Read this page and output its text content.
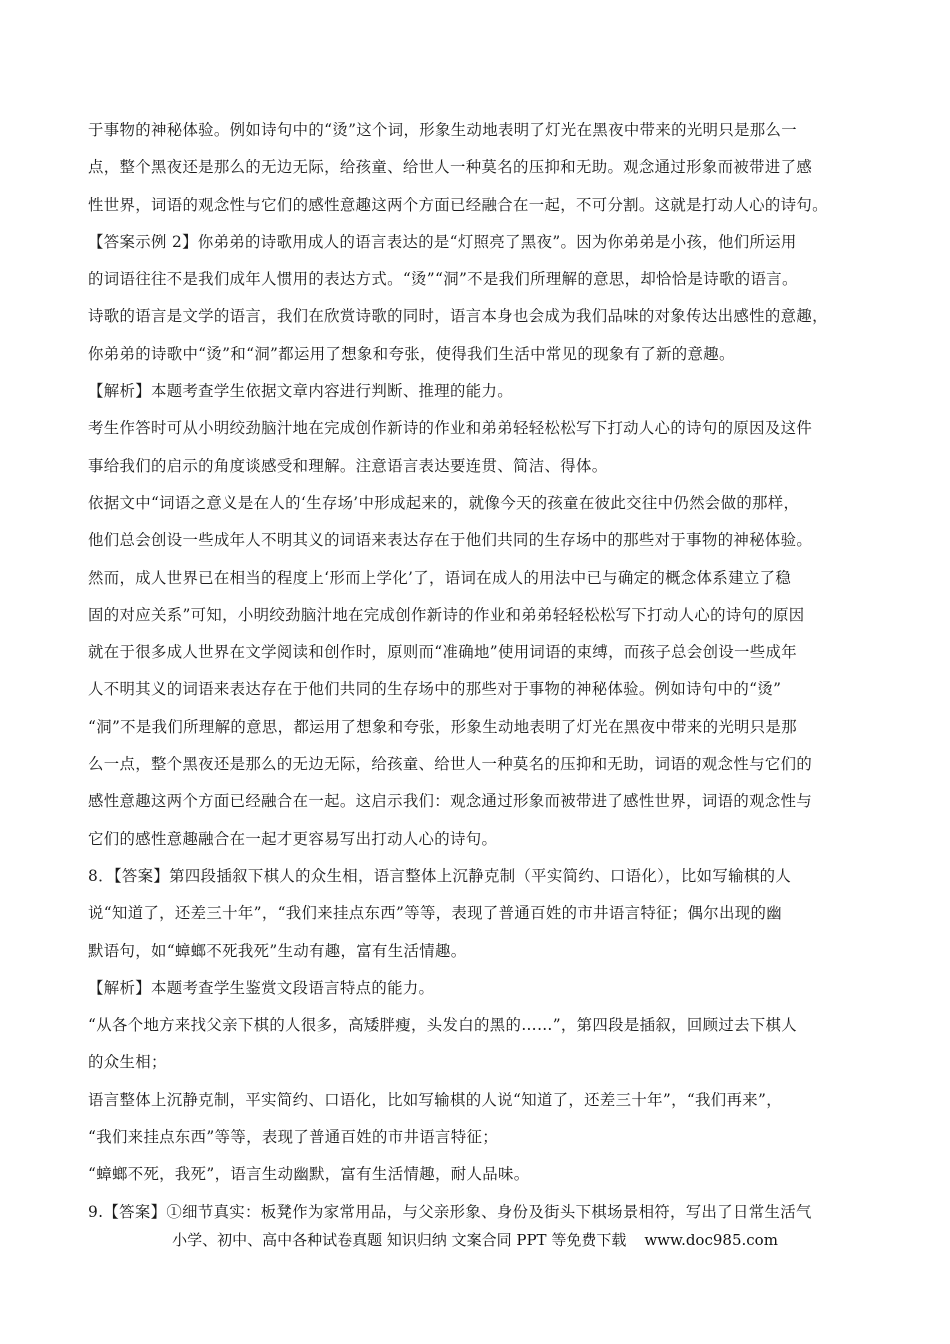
于事物的神秘体验。例如诗句中的“烫”这个词，形象生动地表明了灯光在黑夜中带来的光明只是那么一
点，整个黑夜还是那么的无边无际，给孩童、给世人一种莫名的压抑和无助。观念通过形象而被带进了感
性世界，词语的观念性与它们的感性意趣这两个方面已经融合在一起，不可分割。这就是打动人心的诗句。
【答案示例 2】你弟弟的诗歌用成人的语言表达的是“灯照亮了黑夜”。因为你弟弟是小孩，他们所运用
的词语往往不是我们成年人惯用的表达方式。“烫”“洞”不是我们所理解的意思，却恰恰是诗歌的语言。
诗歌的语言是文学的语言，我们在欣赏诗歌的同时，语言本身也会成为我们品味的对象传达出感性的意趣，
你弟弟的诗歌中“烫”和“洞”都运用了想象和夸张，使得我们生活中常见的现象有了新的意趣。
【解析】本题考查学生依据文章内容进行判断、推理的能力。
考生作答时可从小明绞劲脑汁地在完成创作新诗的作业和弟弟轻轻松松写下打动人心的诗句的原因及这件
事给我们的启示的角度谈感受和理解。注意语言表达要连贯、简洁、得体。
依据文中“词语之意义是在人的‘生存场’中形成起来的，就像今天的孩童在彼此交往中仍然会做的那样，
他们总会创设一些成年人不明其义的词语来表达存在于他们共同的生存场中的那些对于事物的神秘体验。
然而，成人世界已在相当的程度上‘形而上学化’了，语词在成人的用法中已与确定的概念体系建立了稳
固的对应关系”可知，小明绞劲脑汁地在完成创作新诗的作业和弟弟轻轻松松写下打动人心的诗句的原因
就在于很多成人世界在文学阅读和创作时，原则而“准确地”使用词语的束缚，而孩子总会创设一些成年
人不明其义的词语来表达存在于他们共同的生存场中的那些对于事物的神秘体验。例如诗句中的“烫”
“洞”不是我们所理解的意思，都运用了想象和夸张，形象生动地表明了灯光在黑夜中带来的光明只是那
么一点，整个黑夜还是那么的无边无际，给孩童、给世人一种莫名的压抑和无助，词语的观念性与它们的
感性意趣这两个方面已经融合在一起。这启示我们：观念通过形象而被带进了感性世界，词语的观念性与
它们的感性意趣融合在一起才更容易写出打动人心的诗句。
8．【答案】第四段插叙下棋人的众生相，语言整体上沉静克制（平实简约、口语化），比如写输棋的人
说“知道了，还差三十年”，“我们来挂点东西”等等，表现了普通百姓的市井语言特征；偶尔出现的幽
默语句，如“蟑螂不死我死”生动有趣，富有生活情趣。
【解析】本题考查学生鉴赏文段语言特点的能力。
“从各个地方来找父亲下棋的人很多，高矮胖瘦，头发白的黑的……”，第四段是插叙，回顾过去下棋人
的众生相；
语言整体上沉静克制，平实简约、口语化，比如写输棋的人说“知道了，还差三十年”，“我们再来”，
“我们来挂点东西”等等，表现了普通百姓的市井语言特征；
“蟑螂不死，我死”，语言生动幽默，富有生活情趣，耐人品味。
9.【答案】①细节真实：板凳作为家常用品，与父亲形象、身份及街头下棋场景相符，写出了日常生活气
小学、初中、高中各种试卷真题 知识归纳 文案合同 PPT 等免费下载 www.doc985.com
